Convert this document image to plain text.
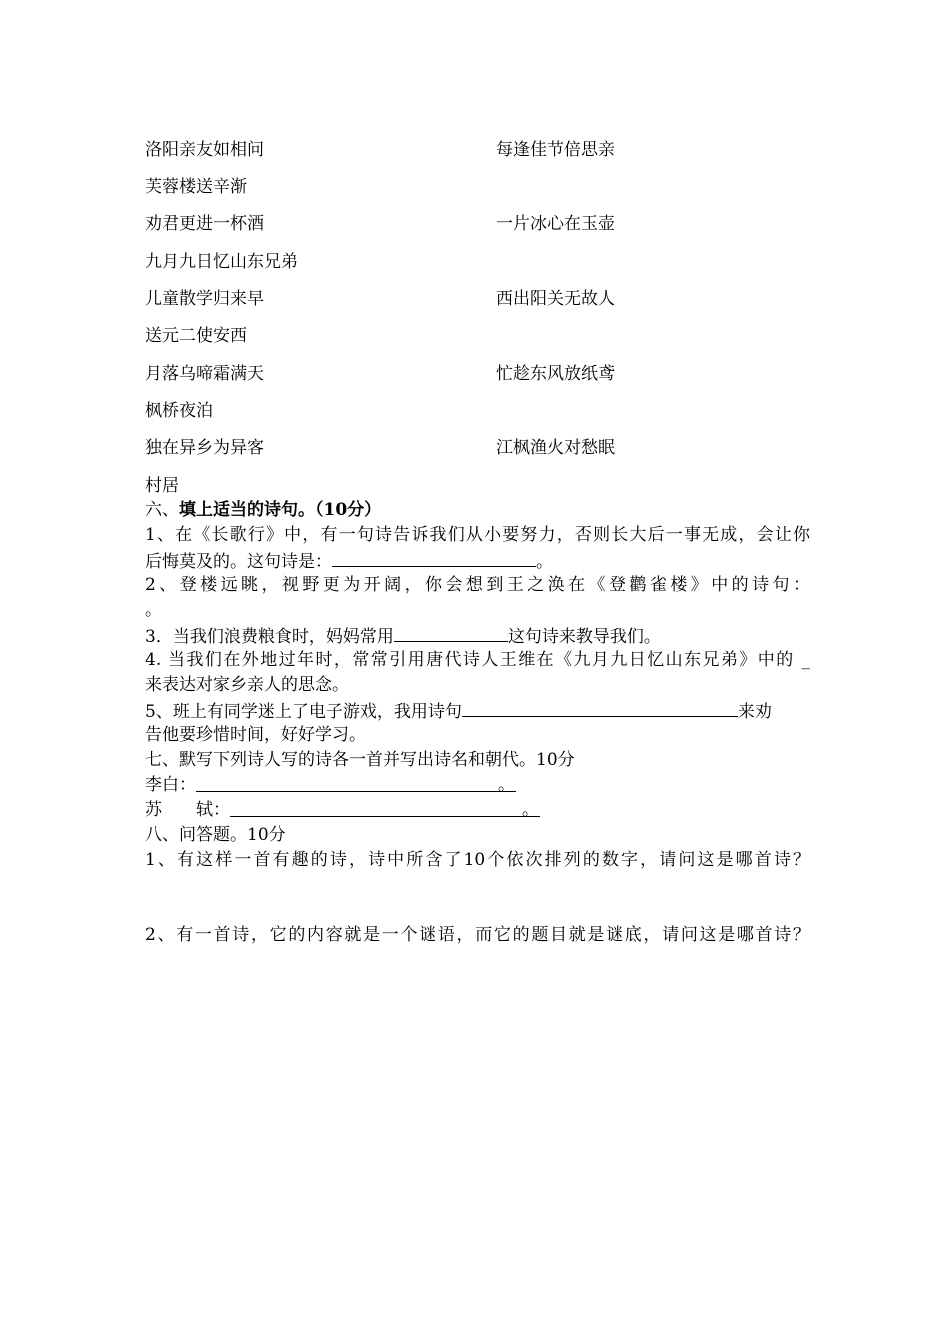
洛阳亲友如相问	每逢佳节倍思亲
芙蓉楼送辛渐
劝君更进一杯酒	一片冰心在玉壶
九月九日忆山东兄弟
儿童散学归来早	西出阳关无故人
送元二使安西
月落乌啼霜满天	忙趁东风放纸鸢
枫桥夜泊
独在异乡为异客	江枫渔火对愁眠
村居
六、填上适当的诗句。（10分）
1、在《长歌行》中，有一句诗告诉我们从小要努力，否则长大后一事无成，会让你
后悔莫及的。这句诗是：	。
2、登楼远眺，视野更为开阔，你会想到王之涣在《登鹳雀楼》中的诗句：
。
3．当我们浪费粮食时，妈妈常用	这句诗来教导我们。
4. 当我们在外地过年时，常常引用唐代诗人王维在《九月九日忆山东兄弟》中的 _
来表达对家乡亲人的思念。
5、班上有同学迷上了电子游戏，我用诗句	来劝
告他要珍惜时间，好好学习。
七、默写下列诗人写的诗各一首并写出诗名和朝代。10分
李白：	。
苏　　轼：	。
八、问答题。10分
1、有这样一首有趣的诗，诗中所含了10个依次排列的数字，请问这是哪首诗？
2、有一首诗，它的内容就是一个谜语，而它的题目就是谜底，请问这是哪首诗？
